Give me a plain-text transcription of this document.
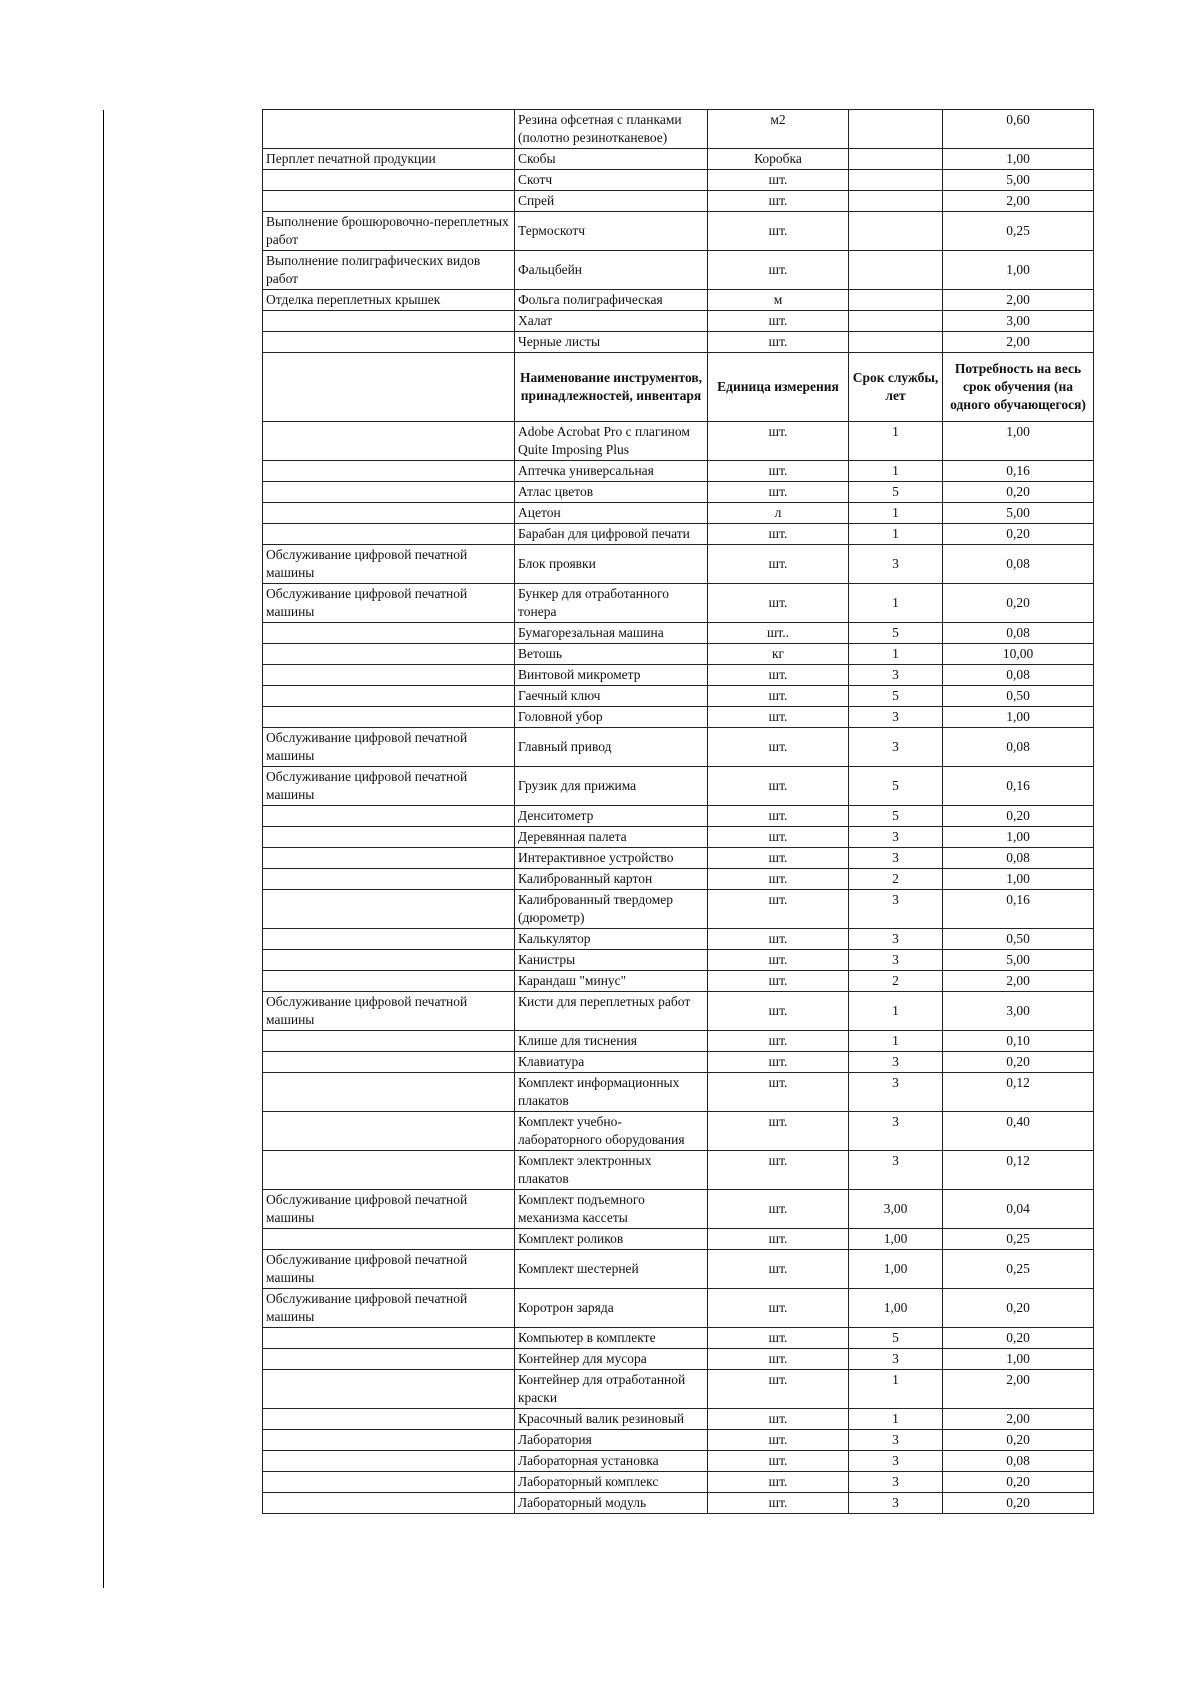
	Резина офсетная с планками (полотно резинотканевое)	м2		0,60
Перплет печатной продукции	Скобы	Коробка		1,00
	Скотч	шт.		5,00
	Спрей	шт.		2,00
Выполнение брошюровочно-переплетных работ	Термоскотч	шт.		0,25
Выполнение полиграфических видов работ	Фальцбейн	шт.		1,00
Отделка переплетных крышек	Фольга полиграфическая	м		2,00
	Халат	шт.		3,00
	Черные листы	шт.		2,00
	Наименование инструментов, принадлежностей, инвентаря	Единица измерения	Срок службы, лет	Потребность на весь срок обучения (на одного обучающегося)
	Adobe Acrobat Pro с плагином Quite Imposing Plus	шт.	1	1,00
	Аптечка универсальная	шт.	1	0,16
	Атлас цветов	шт.	5	0,20
	Ацетон	л	1	5,00
	Барабан для цифровой печати	шт.	1	0,20
Обслуживание цифровой печатной машины	Блок проявки	шт.	3	0,08
Обслуживание цифровой печатной машины	Бункер для отработанного тонера	шт.	1	0,20
	Бумагорезальная машина	шт..	5	0,08
	Ветошь	кг	1	10,00
	Винтовой микрометр	шт.	3	0,08
	Гаечный ключ	шт.	5	0,50
	Головной убор	шт.	3	1,00
Обслуживание цифровой печатной машины	Главный привод	шт.	3	0,08
Обслуживание цифровой печатной машины	Грузик для прижима	шт.	5	0,16
	Денситометр	шт.	5	0,20
	Деревянная палета	шт.	3	1,00
	Интерактивное устройство	шт.	3	0,08
	Калиброванный картон	шт.	2	1,00
	Калиброванный твердомер (дюрометр)	шт.	3	0,16
	Калькулятор	шт.	3	0,50
	Канистры	шт.	3	5,00
	Карандаш "минус"	шт.	2	2,00
Обслуживание цифровой печатной машины	Кисти для переплетных работ	шт.	1	3,00
	Клише для тиснения	шт.	1	0,10
	Клавиатура	шт.	3	0,20
	Комплект информационных плакатов	шт.	3	0,12
	Комплект учебно-лабораторного оборудования	шт.	3	0,40
	Комплект электронных плакатов	шт.	3	0,12
Обслуживание цифровой печатной машины	Комплект подъемного механизма кассеты	шт.	3,00	0,04
	Комплект роликов	шт.	1,00	0,25
Обслуживание цифровой печатной машины	Комплект шестерней	шт.	1,00	0,25
Обслуживание цифровой печатной машины	Коротрон заряда	шт.	1,00	0,20
	Компьютер в комплекте	шт.	5	0,20
	Контейнер для мусора	шт.	3	1,00
	Контейнер для отработанной краски	шт.	1	2,00
	Красочный валик резиновый	шт.	1	2,00
	Лаборатория	шт.	3	0,20
	Лабораторная установка	шт.	3	0,08
	Лабораторный комплекс	шт.	3	0,20
	Лабораторный модуль	шт.	3	0,20
